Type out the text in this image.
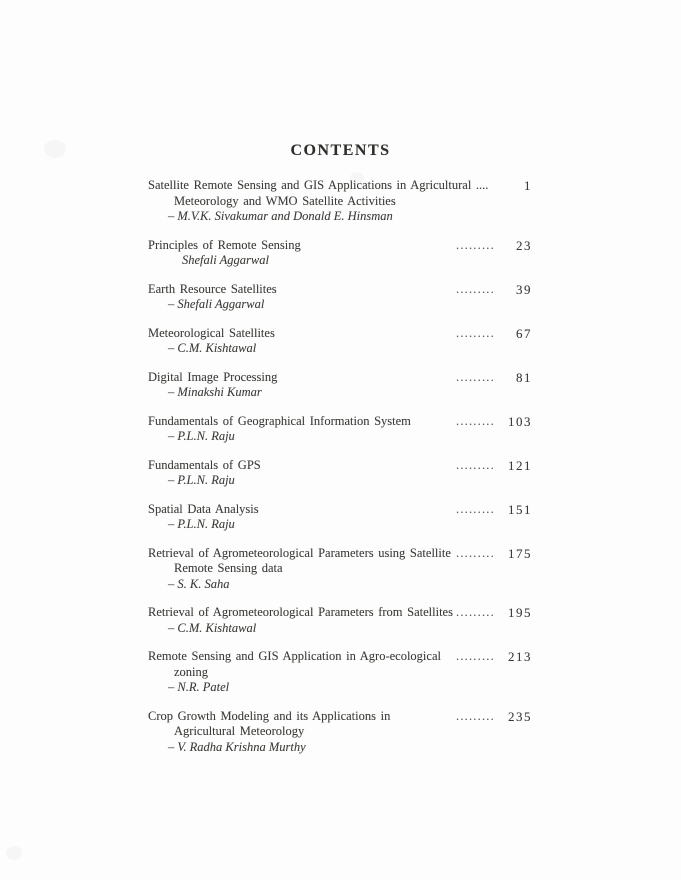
CONTENTS
Satellite Remote Sensing and GIS Applications in Agricultural ....
Meteorology and WMO Satellite Activities
– M.V.K. Sivakumar and Donald E. Hinsman
1
Principles of Remote Sensing
Shefali Aggarwal
.........	23
Earth Resource Satellites
– Shefali Aggarwal
.........	39
Meteorological Satellites
– C.M. Kishtawal
.........	67
Digital Image Processing
– Minakshi Kumar
.........	81
Fundamentals of Geographical Information System
– P.L.N. Raju
.........	103
Fundamentals of GPS
– P.L.N. Raju
.........	121
Spatial Data Analysis
– P.L.N. Raju
.........	151
Retrieval of Agrometeorological Parameters using Satellite
Remote Sensing data
– S. K. Saha
.........	175
Retrieval of Agrometeorological Parameters from Satellites
– C.M. Kishtawal
.........	195
Remote Sensing and GIS Application in Agro-ecological
zoning
– N.R. Patel
.........	213
Crop Growth Modeling and its Applications in
Agricultural Meteorology
– V. Radha Krishna Murthy
.........	235
